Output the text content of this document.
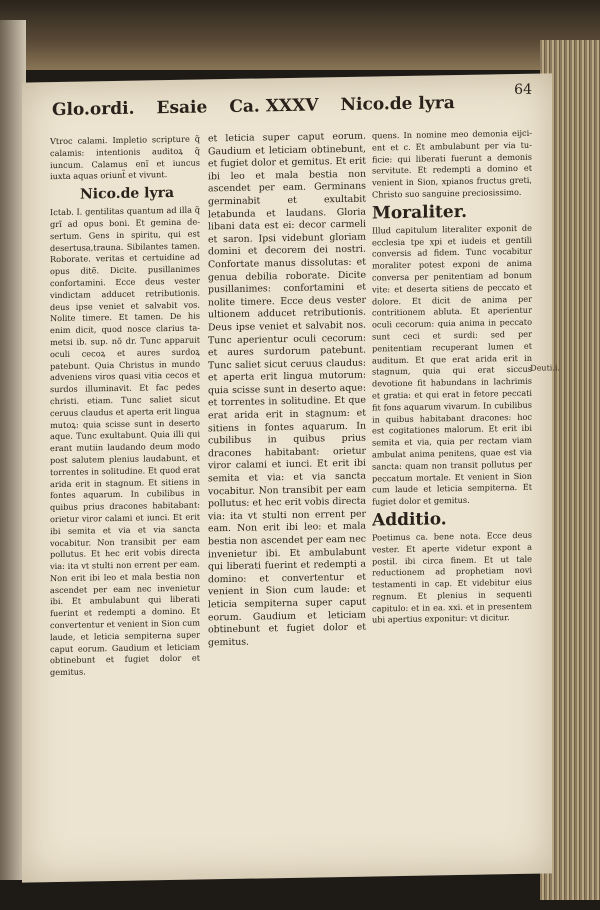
Glo.ordi. Esaie Ca. XXXV Nico.de lyra
64

Vtroc calami. Impletio scripture q̃ calamis: intentionis auditoꝝ q̃ iuncum. Calamus enĩ et iuncus iuxta aquas oriunt̃ et vivunt.

Nico.de lyra

Ictab. I. gentilitas quantum ad illa q̃ grĩ ad opus boni. Et gemina desertum. Gens in spiritu, qui est desertusa,trauna. Sibilantes tamen. Roborate. veritas et certuidine ad opus ditẽ. Dicite. pusillanimes confortamini. Ecce deus vester vindictam adducet retributionis. deus ipse veniet et salvabit vos. Nolite timere. Et tamen. De his enim dicit, quod nosce clarius tametsi ib. sup. nõ dr. Tunc apparuit oculi cecoꝝ et aures surdoꝝ patebunt. Quia Christus in mundo adveniens viros quasi vitia cecos et surdos illuminavit. Et fac pedes christi. etiam. Tunc saliet sicut ceruus claudus et aperta erit lingua mutoꝝ: quia scisse sunt in deserto aque. Tunc exultabunt. Quia illi qui erant mutiin laudando deum modo post salutem plenius laudabunt, et torrentes in solitudine. Et quod erat arida erit in stagnum. Et sitiens in fontes aquarum. In cubilibus in quibus prius dracones habitabant: orietur viror calami et iunci. Et erit ibi semita et via et via sancta vocabitur. Non transibit per eam pollutus. Et hec erit vobis directa via: ita vt stulti non errent per eam. Non erit ibi leo et mala bestia non ascendet per eam nec invenietur ibi. Et ambulabunt qui liberati fuerint et redempti a domino. Et convertentur et venient in Sion cum laude, et leticia sempiterna super caput eorum. Gaudium et leticiam obtinebunt et fugiet dolor et gemitus.

et leticia super caput eorum. Gaudium et leticiam obtinebunt, et fugiet dolor et gemitus. Et erit ibi leo et mala bestia non ascendet per eam. Germinans germinabit et exultabit letabunda et laudans. Gloria libani data est ei: decor carmeli et saron. Ipsi videbunt gloriam domini et decorem dei nostri. Confortate manus dissolutas: et genua debilia roborate. Dicite pusillanimes: confortamini et nolite timere. Ecce deus vester ultionem adducet retributionis. Deus ipse veniet et salvabit nos. Tunc aperientur oculi cecorum: et aures surdorum patebunt. Tunc saliet sicut ceruus claudus: et aperta erit lingua mutorum: quia scisse sunt in deserto aque: et torrentes in solitudine. Et que erat arida erit in stagnum: et sitiens in fontes aquarum. In cubilibus in quibus prius dracones habitabant: orietur viror calami et iunci. Et erit ibi semita et via: et via sancta vocabitur. Non transibit per eam pollutus: et hec erit vobis directa via: ita vt stulti non errent per eam. Non erit ibi leo: et mala bestia non ascendet per eam nec invenietur ibi. Et ambulabunt qui liberati fuerint et redempti a domino: et convertentur et venient in Sion cum laude: et leticia sempiterna super caput eorum. Gaudium et leticiam obtinebunt et fugiet dolor et gemitus.

quens. In nomine meo demonia eijcient et c. Et ambulabunt per via tuficie: qui liberati fuerunt a demonis servitute. Et redempti a domino et venient in Sion, xpianos fructus greti, Christo suo sanguine preciosissimo.

Moraliter.

Illud capitulum literaliter exponit de ecclesia tpe xpi et iudeis et gentili conversis ad fidem. Tunc vocabitur moraliter potest exponi de anima conversa per penitentiam ad bonum vite: et deserta sitiens de peccato et dolore. Et dicit de anima per contritionem abluta. Et aperientur oculi cecorum: quia anima in peccato sunt ceci et surdi: sed per penitentiam recuperant lumen et auditum. Et que erat arida erit in stagnum, quia qui erat siccus devotione fit habundans in lachrimis et gratia: et qui erat in fetore peccati fit fons aquarum vivarum. In cubilibus in quibus habitabant dracones: hoc est cogitationes malorum. Et erit ibi semita et via, quia per rectam viam ambulat anima penitens, quae est via sancta: quam non transit pollutus per peccatum mortale. Et venient in Sion cum laude et leticia sempiterna. Et fugiet dolor et gemitus.

Additio.

Poetimus ca. bene nota. Ecce deus vester. Et aperte videtur expont a postil. ibi circa finem. Et ut tale reductionem ad prophetiam novi testamenti in cap. Et videbitur eius regnum. Et plenius in sequenti capitulo: et in ea. xxi. et in presentem ubi apertius exponitur: vt dicitur.

Deuti.i.
